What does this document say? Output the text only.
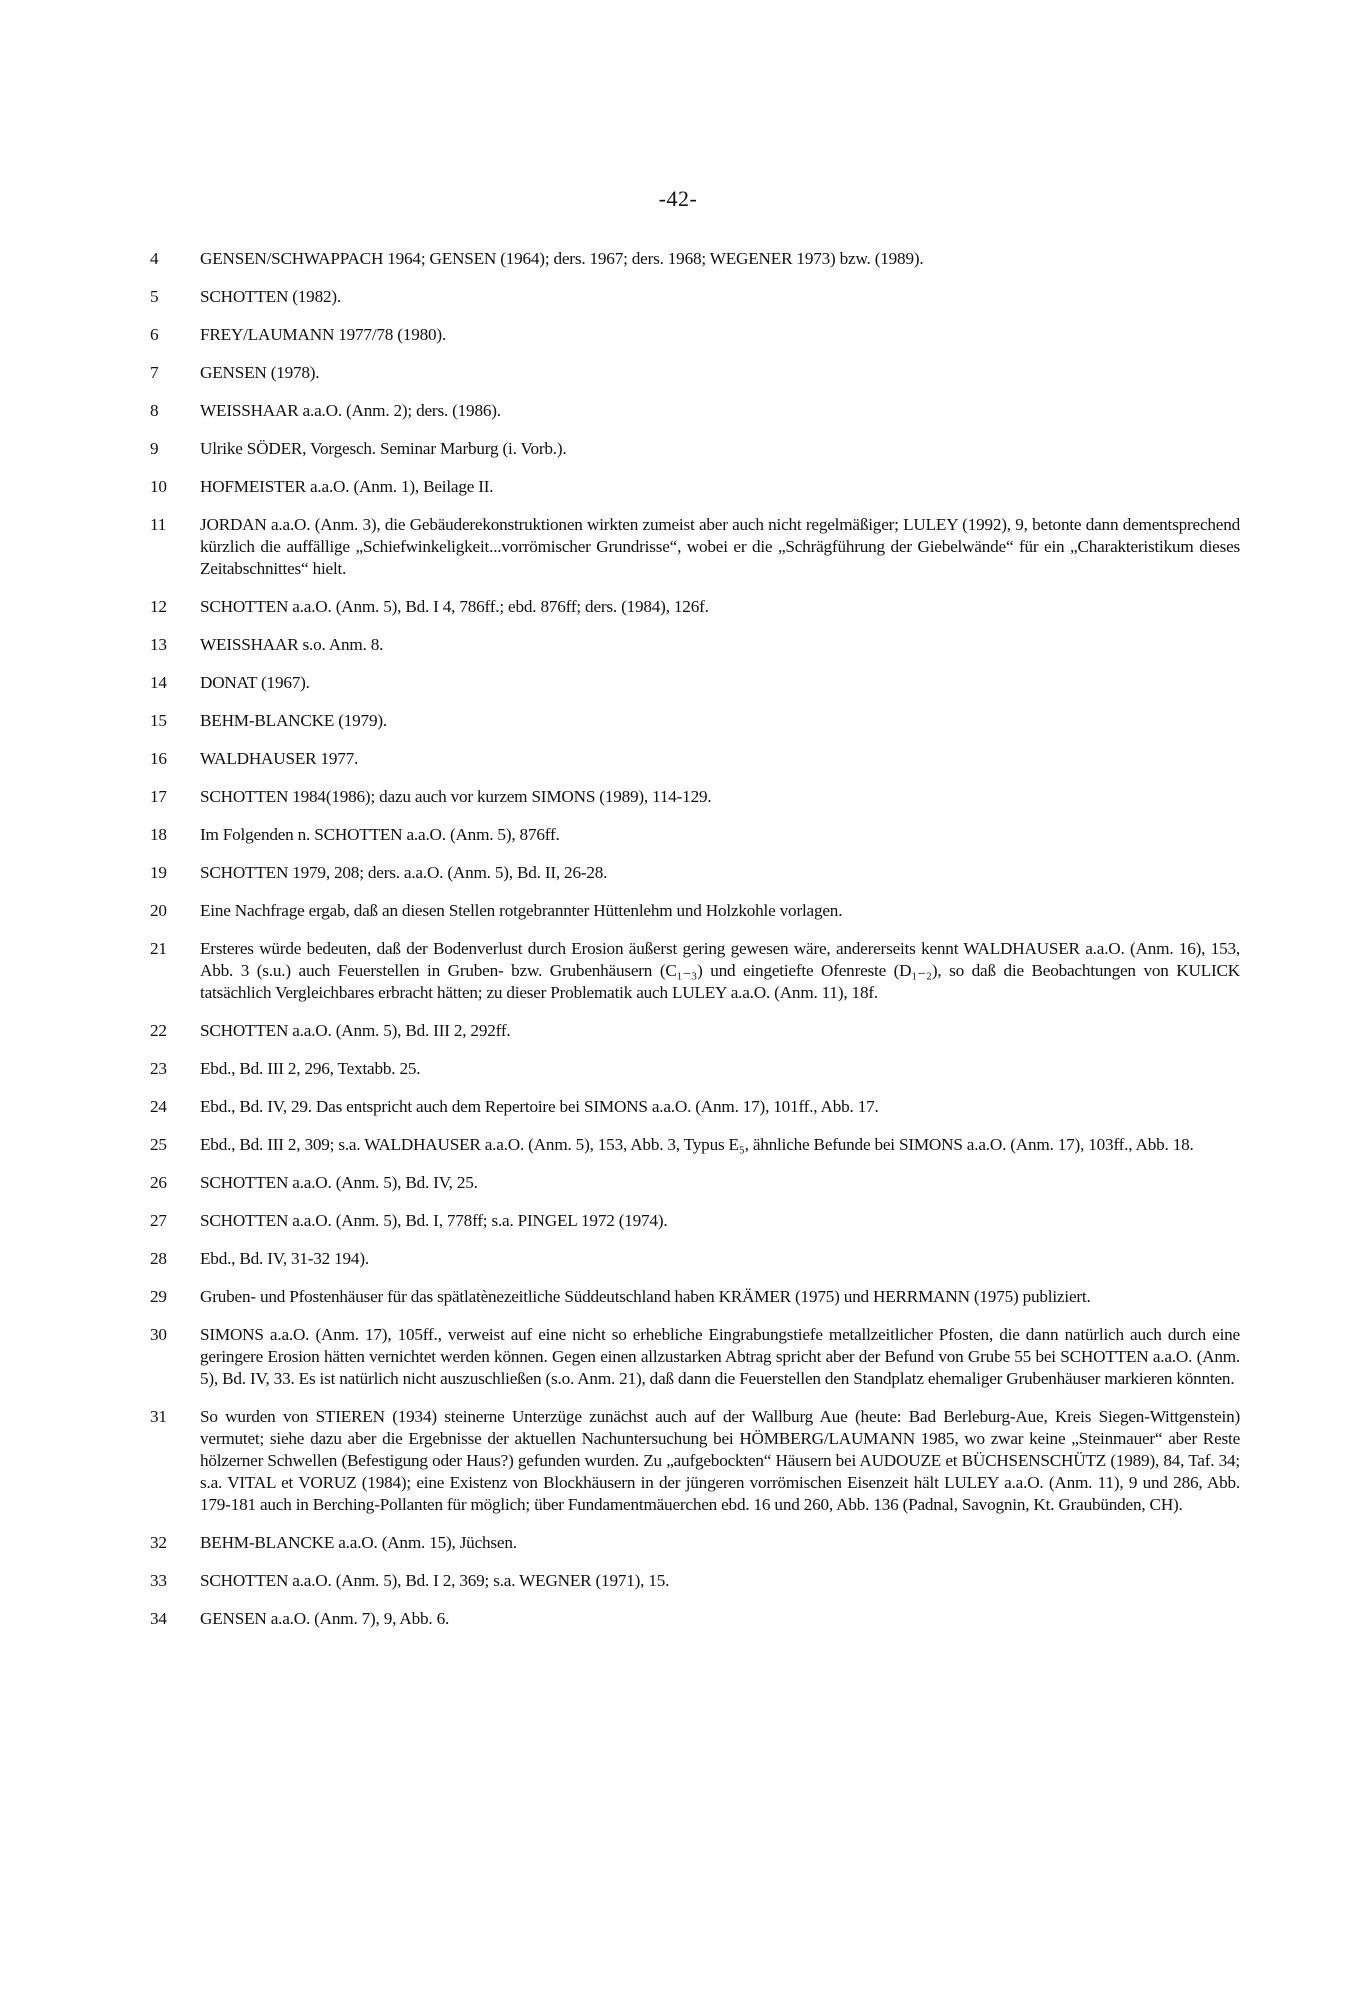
-42-
4	GENSEN/SCHWAPPACH 1964; GENSEN (1964); ders. 1967; ders. 1968; WEGENER 1973) bzw. (1989).
5	SCHOTTEN (1982).
6	FREY/LAUMANN 1977/78 (1980).
7	GENSEN (1978).
8	WEISSHAAR a.a.O. (Anm. 2); ders. (1986).
9	Ulrike SÖDER, Vorgesch. Seminar Marburg (i. Vorb.).
10	HOFMEISTER a.a.O. (Anm. 1), Beilage II.
11	JORDAN a.a.O. (Anm. 3), die Gebäuderekonstruktionen wirkten zumeist aber auch nicht regelmäßiger; LULEY (1992), 9, betonte dann dementsprechend kürzlich die auffällige „Schiefwinkeligkeit...vorrömischer Grundrisse“, wobei er die „Schrägführung der Giebelwände“ für ein „Charakteristikum dieses Zeitabschnittes“ hielt.
12	SCHOTTEN a.a.O. (Anm. 5), Bd. I 4, 786ff.; ebd. 876ff; ders. (1984), 126f.
13	WEISSHAAR s.o. Anm. 8.
14	DONAT (1967).
15	BEHM-BLANCKE (1979).
16	WALDHAUSER 1977.
17	SCHOTTEN 1984(1986); dazu auch vor kurzem SIMONS (1989), 114-129.
18	Im Folgenden n. SCHOTTEN a.a.O. (Anm. 5), 876ff.
19	SCHOTTEN 1979, 208; ders. a.a.O. (Anm. 5), Bd. II, 26-28.
20	Eine Nachfrage ergab, daß an diesen Stellen rotgebrannter Hüttenlehm und Holzkohle vorlagen.
21	Ersteres würde bedeuten, daß der Bodenverlust durch Erosion äußerst gering gewesen wäre, andererseits kennt WALDHAUSER a.a.O. (Anm. 16), 153, Abb. 3 (s.u.) auch Feuerstellen in Gruben- bzw. Grubenhäusern (C₁₋₃) und eingetiefte Ofenreste (D₁₋₂), so daß die Beobachtungen von KULICK tatsächlich Vergleichbares erbracht hätten; zu dieser Problematik auch LULEY a.a.O. (Anm. 11), 18f.
22	SCHOTTEN a.a.O. (Anm. 5), Bd. III 2, 292ff.
23	Ebd., Bd. III 2, 296, Textabb. 25.
24	Ebd., Bd. IV, 29. Das entspricht auch dem Repertoire bei SIMONS a.a.O. (Anm. 17), 101ff., Abb. 17.
25	Ebd., Bd. III 2, 309; s.a. WALDHAUSER a.a.O. (Anm. 5), 153, Abb. 3, Typus E₅, ähnliche Befunde bei SIMONS a.a.O. (Anm. 17), 103ff., Abb. 18.
26	SCHOTTEN a.a.O. (Anm. 5), Bd. IV, 25.
27	SCHOTTEN a.a.O. (Anm. 5), Bd. I, 778ff; s.a. PINGEL 1972 (1974).
28	Ebd., Bd. IV, 31-32 194).
29	Gruben- und Pfostenhäuser für das spätlatènezeitliche Süddeutschland haben KRÄMER (1975) und HERRMANN (1975) publiziert.
30	SIMONS a.a.O. (Anm. 17), 105ff., verweist auf eine nicht so erhebliche Eingrabungstiefe metallzeitlicher Pfosten, die dann natürlich auch durch eine geringere Erosion hätten vernichtet werden können. Gegen einen allzustarken Abtrag spricht aber der Befund von Grube 55 bei SCHOTTEN a.a.O. (Anm. 5), Bd. IV, 33. Es ist natürlich nicht auszuschließen (s.o. Anm. 21), daß dann die Feuerstellen den Standplatz ehemaliger Grubenhäuser markieren könnten.
31	So wurden von STIEREN (1934) steinerne Unterzüge zunächst auch auf der Wallburg Aue (heute: Bad Berleburg-Aue, Kreis Siegen-Wittgenstein) vermutet; siehe dazu aber die Ergebnisse der aktuellen Nachuntersuchung bei HÖMBERG/LAUMANN 1985, wo zwar keine „Steinmauer“ aber Reste hölzerner Schwellen (Befestigung oder Haus?) gefunden wurden. Zu „aufgebockten“ Häusern bei AUDOUZE et BÜCHSENSCHÜTZ (1989), 84, Taf. 34; s.a. VITAL et VORUZ (1984); eine Existenz von Blockhäusern in der jüngeren vorrömischen Eisenzeit hält LULEY a.a.O. (Anm. 11), 9 und 286, Abb. 179-181 auch in Berching-Pollanten für möglich; über Fundamentmäuerchen ebd. 16 und 260, Abb. 136 (Padnal, Savognin, Kt. Graubünden, CH).
32	BEHM-BLANCKE a.a.O. (Anm. 15), Jüchsen.
33	SCHOTTEN a.a.O. (Anm. 5), Bd. I 2, 369; s.a. WEGNER (1971), 15.
34	GENSEN a.a.O. (Anm. 7), 9, Abb. 6.
